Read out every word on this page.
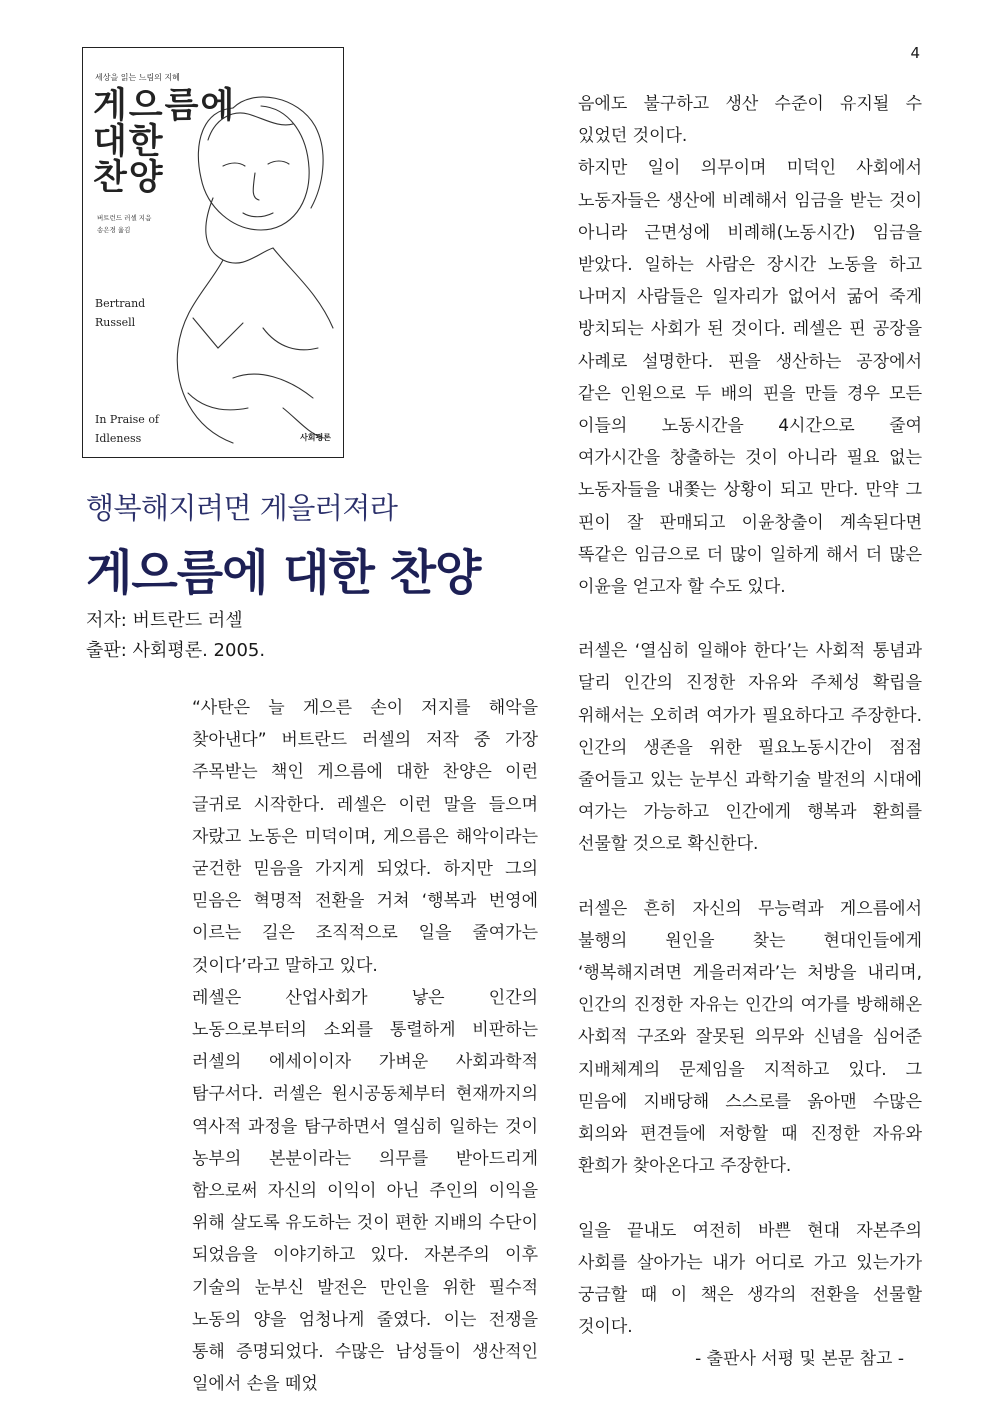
4
세상을 읽는 느림의 지혜
게으름에
대한
찬양
버트런드 러셀 지음
송은경 옮김
Bertrand
Russell
In Praise of
Idleness	사회평론
행복해지려면 게을러져라
게으름에 대한 찬양
저자: 버트란드 러셀
출판: 사회평론. 2005.

“사탄은 늘 게으른 손이 저지를 해악을 찾아낸다” 버트란드 러셀의 저작 중 가장 주목받는 책인 게으름에 대한 찬양은 이런 글귀로 시작한다. 레셀은 이런 말을 들으며 자랐고 노동은 미덕이며, 게으름은 해악이라는 굳건한 믿음을 가지게 되었다. 하지만 그의 믿음은 혁명적 전환을 거쳐 ‘행복과 번영에 이르는 길은 조직적으로 일을 줄여가는 것이다’라고 말하고 있다.

레셀은 산업사회가 낳은 인간의 노동으로부터의 소외를 통렬하게 비판하는 러셀의 에세이이자 가벼운 사회과학적 탐구서다. 러셀은 원시공동체부터 현재까지의 역사적 과정을 탐구하면서 열심히 일하는 것이 농부의 본분이라는 의무를 받아드리게 함으로써 자신의 이익이 아닌 주인의 이익을 위해 살도록 유도하는 것이 편한 지배의 수단이 되었음을 이야기하고 있다. 자본주의 이후 기술의 눈부신 발전은 만인을 위한 필수적 노동의 양을 엄청나게 줄였다. 이는 전쟁을 통해 증명되었다. 수많은 남성들이 생산적인 일에서 손을 떼었

음에도 불구하고 생산 수준이 유지될 수 있었던 것이다.

하지만 일이 의무이며 미덕인 사회에서 노동자들은 생산에 비례해서 임금을 받는 것이 아니라 근면성에 비례해(노동시간) 임금을 받았다. 일하는 사람은 장시간 노동을 하고 나머지 사람들은 일자리가 없어서 굶어 죽게 방치되는 사회가 된 것이다. 레셀은 핀 공장을 사례로 설명한다. 핀을 생산하는 공장에서 같은 인원으로 두 배의 핀을 만들 경우 모든 이들의 노동시간을 4시간으로 줄여 여가시간을 창출하는 것이 아니라 필요 없는 노동자들을 내쫓는 상황이 되고 만다. 만약 그 핀이 잘 판매되고 이윤창출이 계속된다면 똑같은 임금으로 더 많이 일하게 해서 더 많은 이윤을 얻고자 할 수도 있다.

러셀은 ‘열심히 일해야 한다’는 사회적 통념과 달리 인간의 진정한 자유와 주체성 확립을 위해서는 오히려 여가가 필요하다고 주장한다. 인간의 생존을 위한 필요노동시간이 점점 줄어들고 있는 눈부신 과학기술 발전의 시대에 여가는 가능하고 인간에게 행복과 환희를 선물할 것으로 확신한다.

러셀은 흔히 자신의 무능력과 게으름에서 불행의 원인을 찾는 현대인들에게 ‘행복해지려면 게을러져라’는 처방을 내리며, 인간의 진정한 자유는 인간의 여가를 방해해온 사회적 구조와 잘못된 의무와 신념을 심어준 지배체계의 문제임을 지적하고 있다. 그 믿음에 지배당해 스스로를 옭아맨 수많은 회의와 편견들에 저항할 때 진정한 자유와 환희가 찾아온다고 주장한다.

일을 끝내도 여전히 바쁜 현대 자본주의 사회를 살아가는 내가 어디로 가고 있는가가 궁금할 때 이 책은 생각의 전환을 선물할 것이다.

- 출판사 서평 및 본문 참고 -
